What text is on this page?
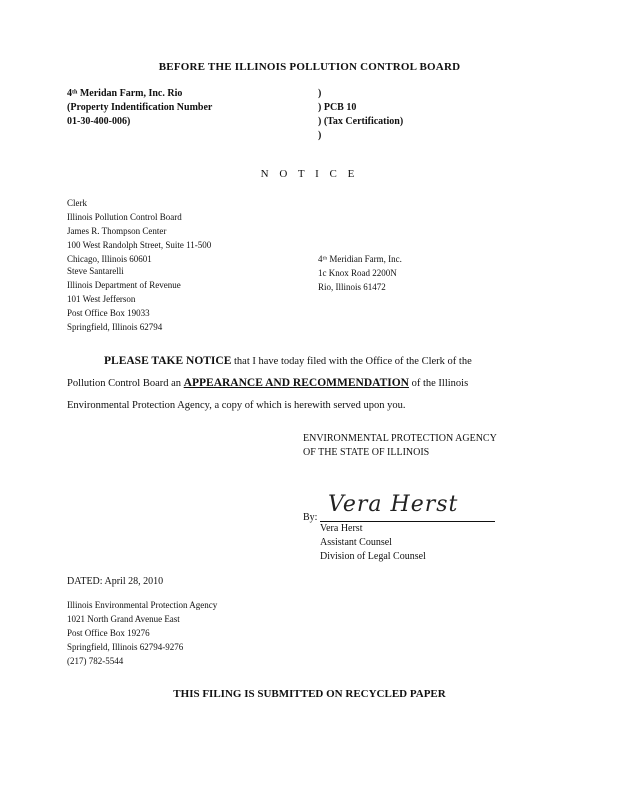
BEFORE THE ILLINOIS POLLUTION CONTROL BOARD
4ᵗʰ Meridan Farm, Inc. Rio
(Property Indentification Number
01-30-400-006)
)
) PCB 10
) (Tax Certification)
)
N O T I C E
Clerk
Illinois Pollution Control Board
James R. Thompson Center
100 West Randolph Street, Suite 11-500
Chicago, Illinois 60601	4ᵗʰ Meridian Farm, Inc.
1c Knox Road 2200N
Rio, Illinois 61472
Steve Santarelli
Illinois Department of Revenue
101 West Jefferson
Post Office Box 19033
Springfield, Illinois 62794
PLEASE TAKE NOTICE that I have today filed with the Office of the Clerk of the
Pollution Control Board an APPEARANCE AND RECOMMENDATION of the Illinois
Environmental Protection Agency, a copy of which is herewith served upon you.
ENVIRONMENTAL PROTECTION AGENCY
OF THE STATE OF ILLINOIS
By:
Vera Herst
Vera Herst
Assistant Counsel
Division of Legal Counsel
DATED: April 28, 2010
Illinois Environmental Protection Agency
1021 North Grand Avenue East
Post Office Box 19276
Springfield, Illinois 62794-9276
(217) 782-5544
THIS FILING IS SUBMITTED ON RECYCLED PAPER
